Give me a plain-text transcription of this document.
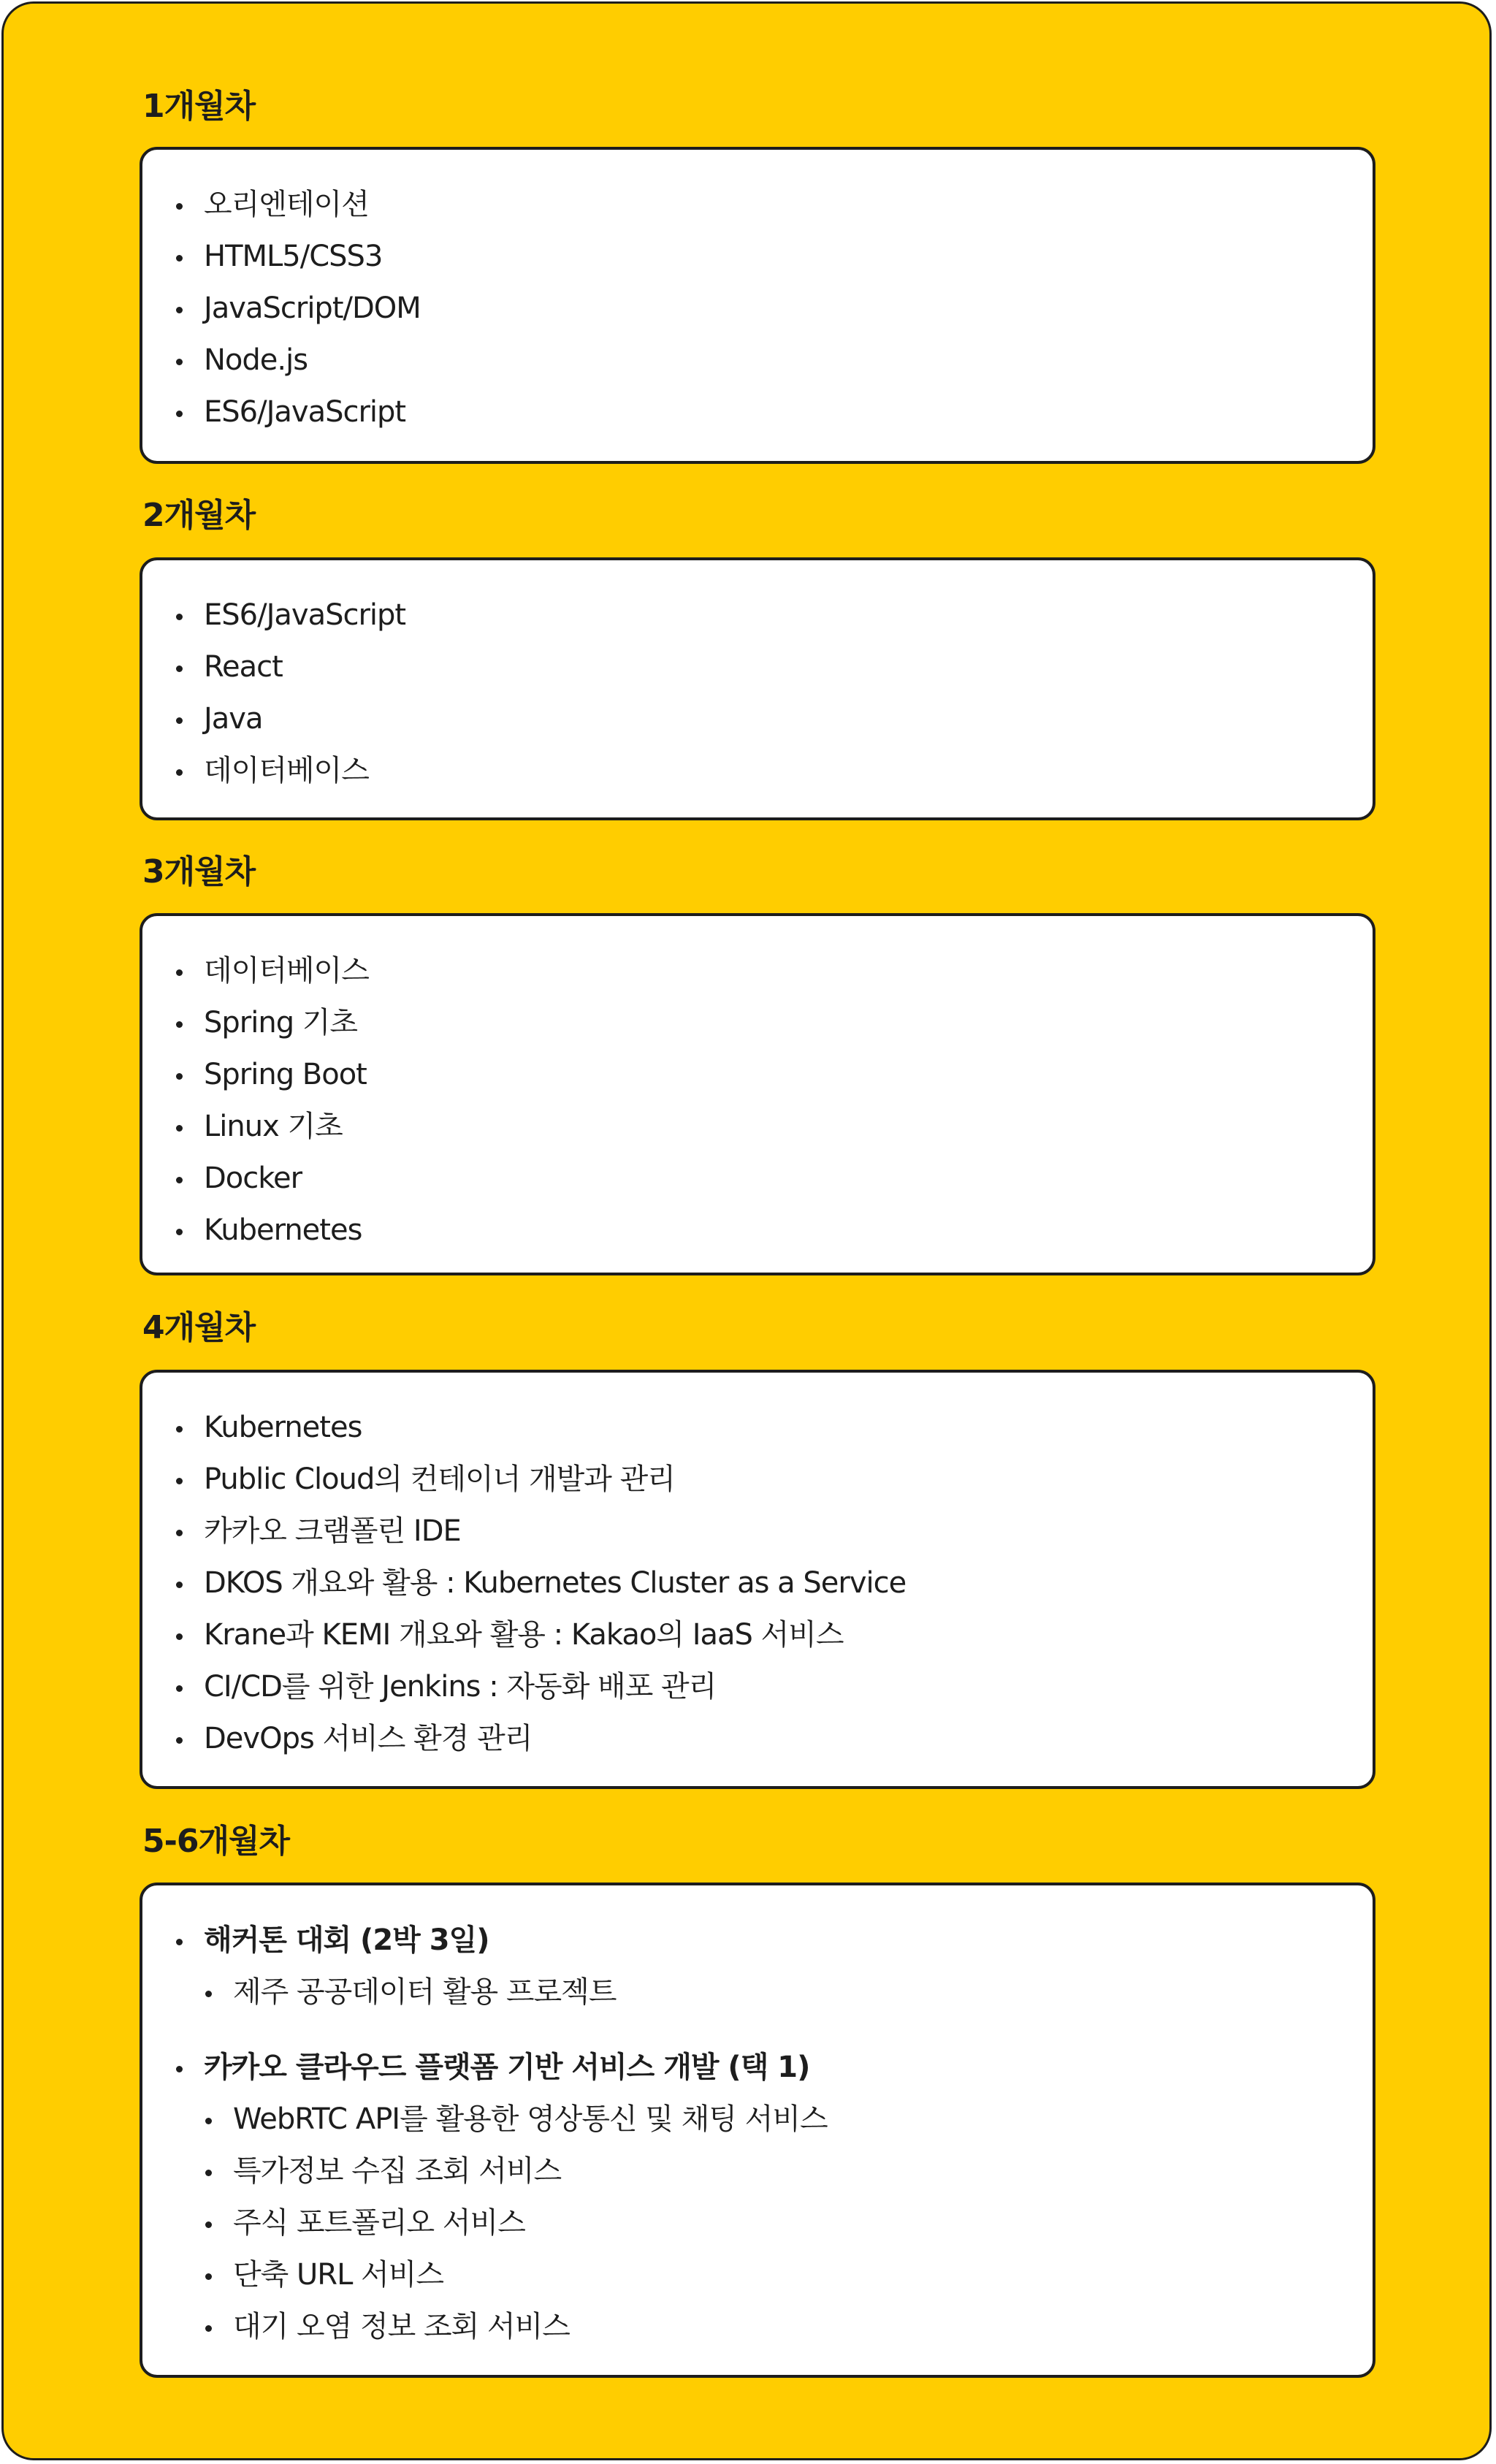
1개월차
오리엔테이션
HTML5/CSS3
JavaScript/DOM
Node.js
ES6/JavaScript
2개월차
ES6/JavaScript
React
Java
데이터베이스
3개월차
데이터베이스
Spring 기초
Spring Boot
Linux 기초
Docker
Kubernetes
4개월차
Kubernetes
Public Cloud의 컨테이너 개발과 관리
카카오 크램폴린 IDE
DKOS 개요와 활용 : Kubernetes Cluster as a Service
Krane과 KEMI 개요와 활용 : Kakao의 IaaS 서비스
CI/CD를 위한 Jenkins : 자동화 배포 관리
DevOps 서비스 환경 관리
5-6개월차
해커톤 대회 (2박 3일)
제주 공공데이터 활용 프로젝트
카카오 클라우드 플랫폼 기반 서비스 개발 (택 1)
WebRTC API를 활용한 영상통신 및 채팅 서비스
특가정보 수집 조회 서비스
주식 포트폴리오 서비스
단축 URL 서비스
대기 오염 정보 조회 서비스
